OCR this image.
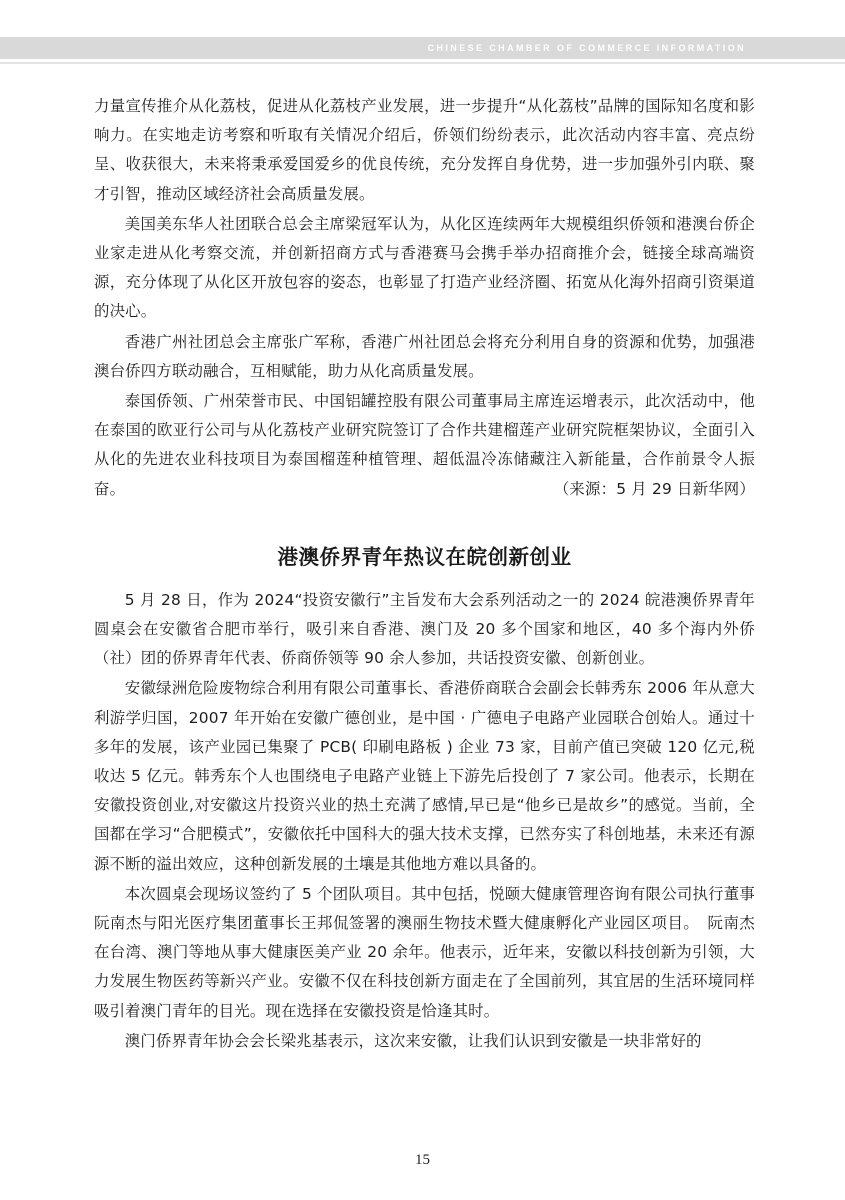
CHINESE CHAMBER OF COMMERCE INFORMATION

力量宣传推介从化荔枝，促进从化荔枝产业发展，进一步提升“从化荔枝”品牌的国际知名度和影响力。在实地走访考察和听取有关情况介绍后，侨领们纷纷表示，此次活动内容丰富、亮点纷呈、收获很大，未来将秉承爱国爱乡的优良传统，充分发挥自身优势，进一步加强外引内联、聚才引智，推动区域经济社会高质量发展。

美国美东华人社团联合总会主席梁冠军认为，从化区连续两年大规模组织侨领和港澳台侨企业家走进从化考察交流，并创新招商方式与香港赛马会携手举办招商推介会，链接全球高端资源，充分体现了从化区开放包容的姿态，也彰显了打造产业经济圈、拓宽从化海外招商引资渠道的决心。

香港广州社团总会主席张广军称，香港广州社团总会将充分利用自身的资源和优势，加强港澳台侨四方联动融合，互相赋能，助力从化高质量发展。

泰国侨领、广州荣誉市民、中国铝罐控股有限公司董事局主席连运增表示，此次活动中，他在泰国的欧亚行公司与从化荔枝产业研究院签订了合作共建榴莲产业研究院框架协议，全面引入从化的先进农业科技项目为泰国榴莲种植管理、超低温冷冻储藏注入新能量，合作前景令人振奋。	（来源：5 月 29 日新华网）

港澳侨界青年热议在皖创新创业

5 月 28 日，作为 2024“投资安徽行”主旨发布大会系列活动之一的 2024 皖港澳侨界青年圆桌会在安徽省合肥市举行，吸引来自香港、澳门及 20 多个国家和地区，40 多个海内外侨（社）团的侨界青年代表、侨商侨领等 90 余人参加，共话投资安徽、创新创业。

安徽绿洲危险废物综合利用有限公司董事长、香港侨商联合会副会长韩秀东 2006 年从意大利游学归国，2007 年开始在安徽广德创业，是中国 · 广德电子电路产业园联合创始人。通过十多年的发展，该产业园已集聚了 PCB( 印刷电路板 ) 企业 73 家，目前产值已突破 120 亿元,税收达 5 亿元。韩秀东个人也围绕电子电路产业链上下游先后投创了 7 家公司。他表示，长期在安徽投资创业,对安徽这片投资兴业的热土充满了感情,早已是“他乡已是故乡”的感觉。当前，全国都在学习“合肥模式”，安徽依托中国科大的强大技术支撑，已然夯实了科创地基，未来还有源源不断的溢出效应，这种创新发展的土壤是其他地方难以具备的。

本次圆桌会现场议签约了 5 个团队项目。其中包括，悦颐大健康管理咨询有限公司执行董事阮南杰与阳光医疗集团董事长王邦侃签署的澳丽生物技术暨大健康孵化产业园区项目。　阮南杰在台湾、澳门等地从事大健康医美产业 20 余年。他表示，近年来，安徽以科技创新为引领，大力发展生物医药等新兴产业。安徽不仅在科技创新方面走在了全国前列，其宜居的生活环境同样吸引着澳门青年的目光。现在选择在安徽投资是恰逢其时。

澳门侨界青年协会会长梁兆基表示，这次来安徽，让我们认识到安徽是一块非常好的

15
